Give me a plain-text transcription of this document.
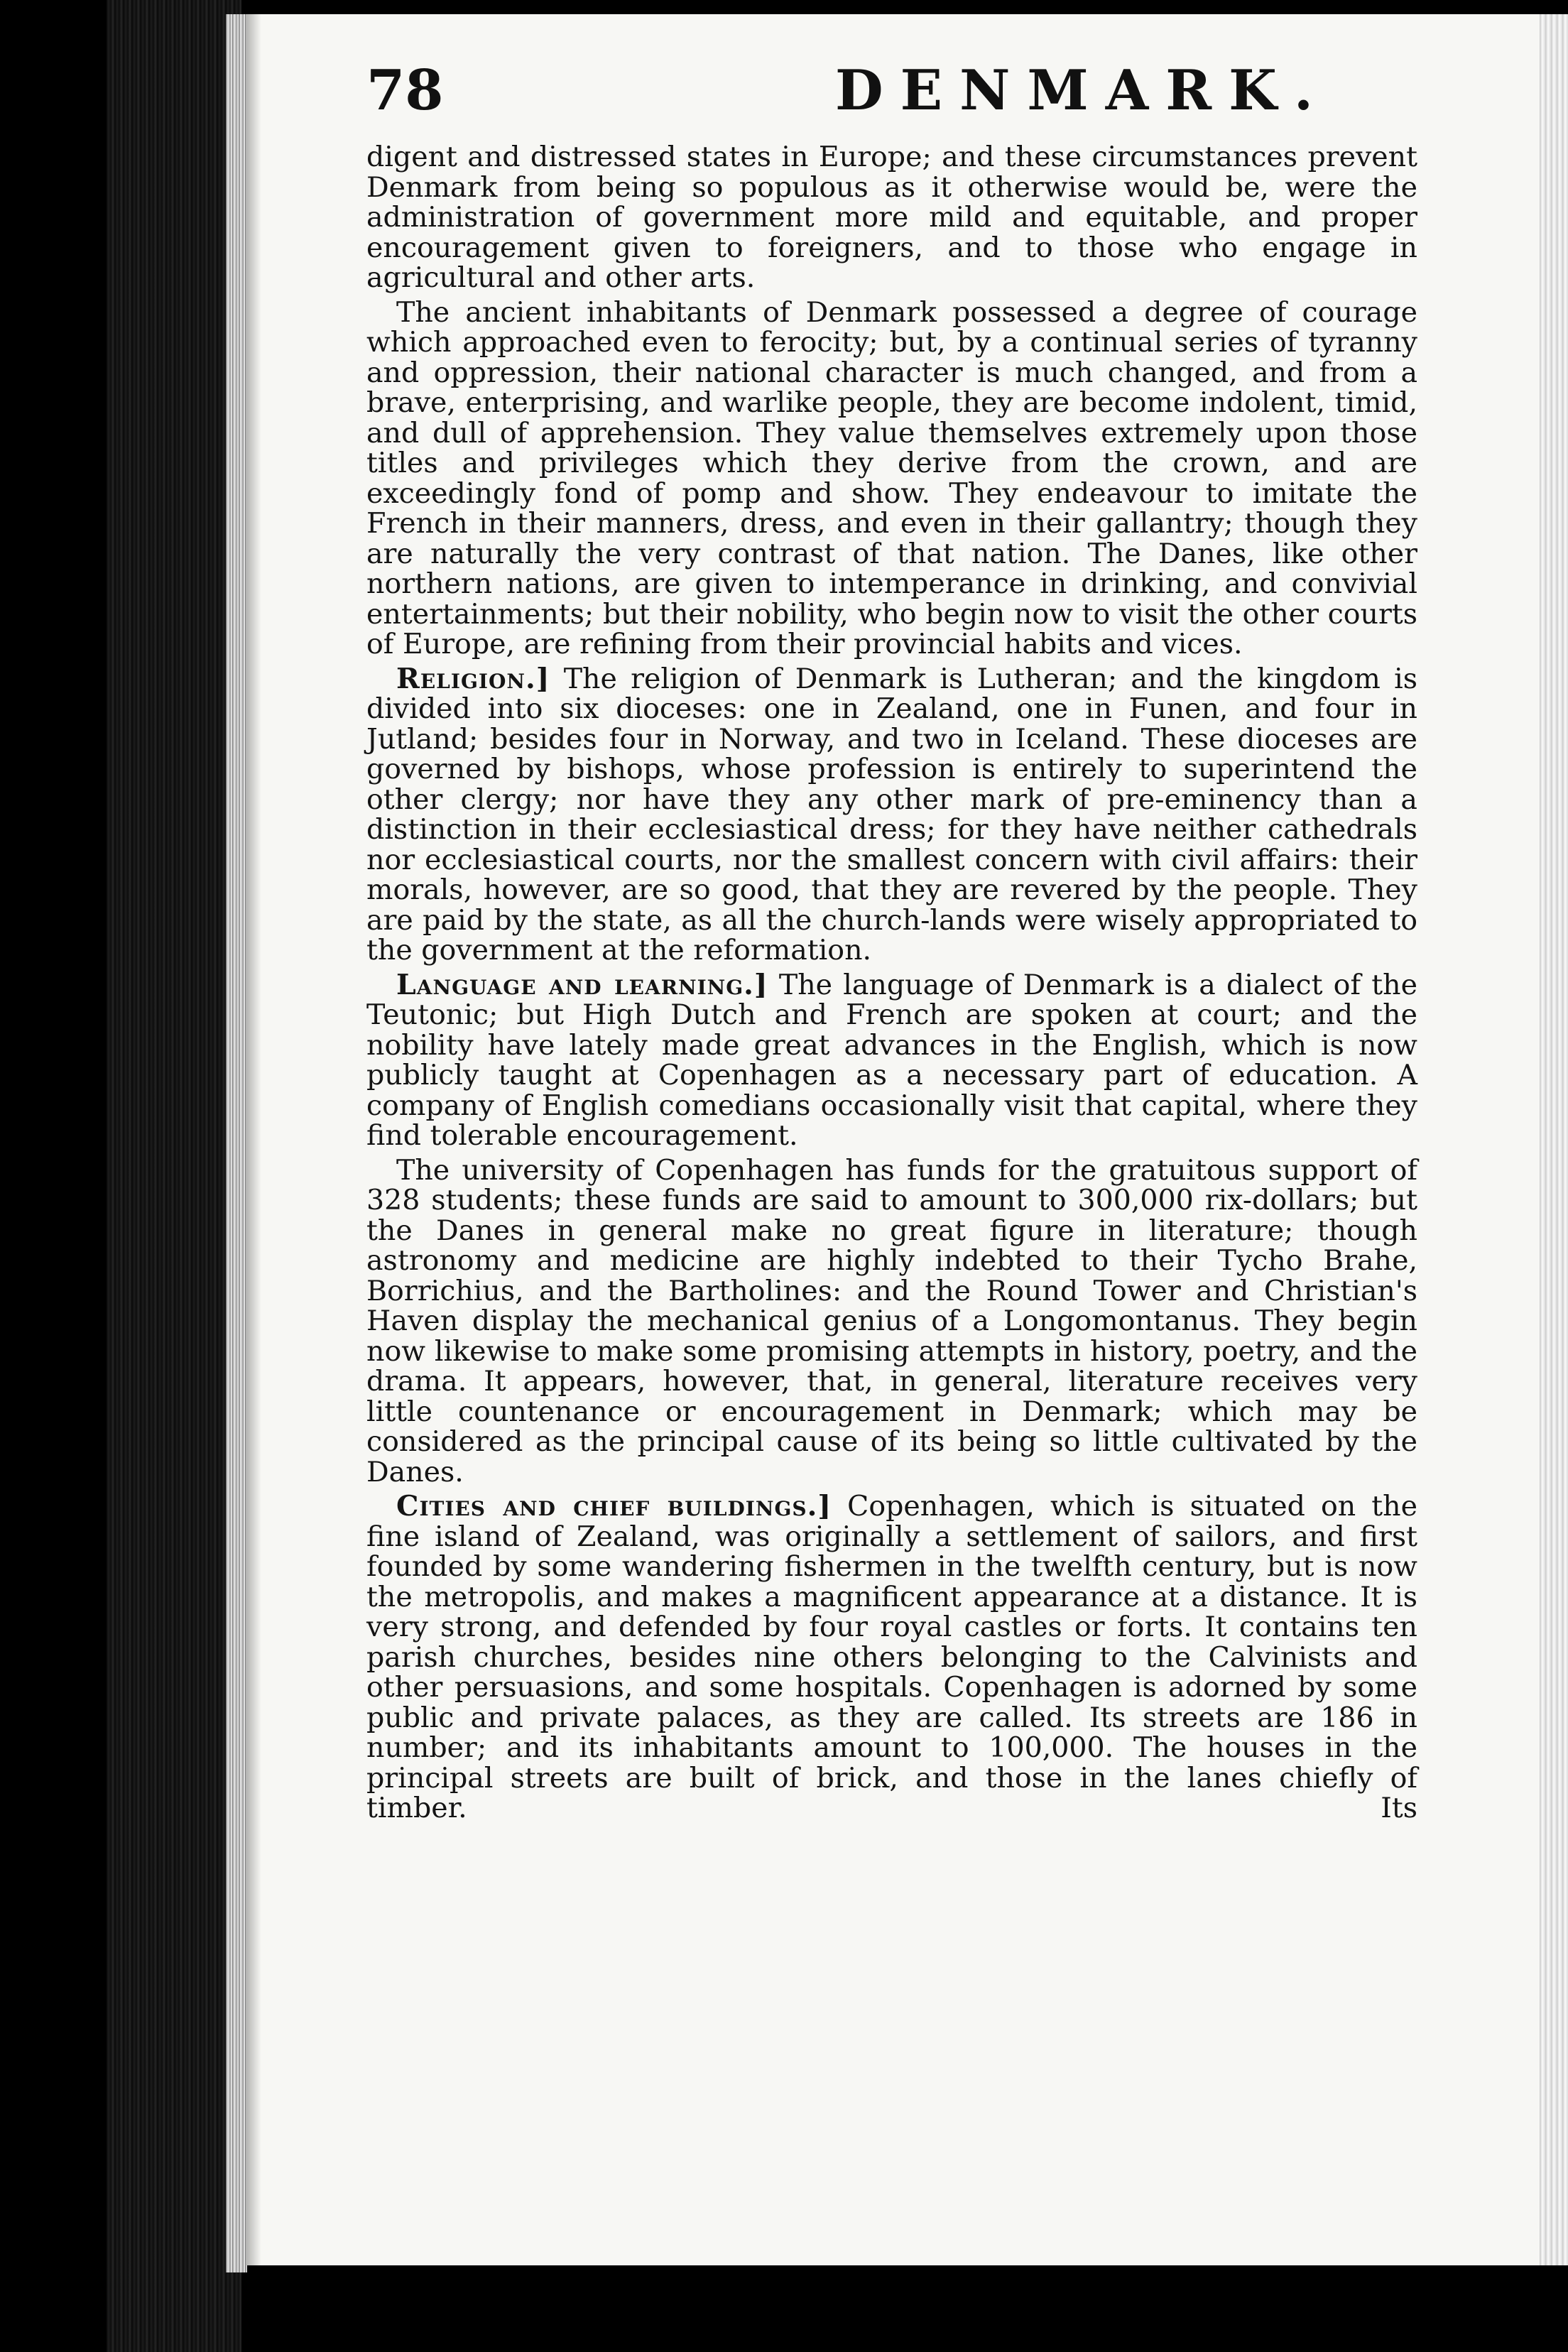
78	DENMARK.

digent and distressed states in Europe; and these circumstances prevent Denmark from being so populous as it otherwise would be, were the administration of government more mild and equitable, and proper encouragement given to foreigners, and to those who engage in agricultural and other arts.

The ancient inhabitants of Denmark possessed a degree of courage which approached even to ferocity; but, by a continual series of tyranny and oppression, their national character is much changed, and from a brave, enterprising, and warlike people, they are become indolent, timid, and dull of apprehension. They value themselves extremely upon those titles and privileges which they derive from the crown, and are exceedingly fond of pomp and show. They endeavour to imitate the French in their manners, dress, and even in their gallantry; though they are naturally the very contrast of that nation. The Danes, like other northern nations, are given to intemperance in drinking, and convivial entertainments; but their nobility, who begin now to visit the other courts of Europe, are refining from their provincial habits and vices.

Religion.] The religion of Denmark is Lutheran; and the kingdom is divided into six dioceses: one in Zealand, one in Funen, and four in Jutland; besides four in Norway, and two in Iceland. These dioceses are governed by bishops, whose profession is entirely to superintend the other clergy; nor have they any other mark of pre-eminency than a distinction in their ecclesiastical dress; for they have neither cathedrals nor ecclesiastical courts, nor the smallest concern with civil affairs: their morals, however, are so good, that they are revered by the people. They are paid by the state, as all the church-lands were wisely appropriated to the government at the reformation.

Language and learning.] The language of Denmark is a dialect of the Teutonic; but High Dutch and French are spoken at court; and the nobility have lately made great advances in the English, which is now publicly taught at Copenhagen as a necessary part of education. A company of English comedians occasionally visit that capital, where they find tolerable encouragement.

The university of Copenhagen has funds for the gratuitous support of 328 students; these funds are said to amount to 300,000 rix-dollars; but the Danes in general make no great figure in literature; though astronomy and medicine are highly indebted to their Tycho Brahe, Borrichius, and the Bartholines: and the Round Tower and Christian's Haven display the mechanical genius of a Longomontanus. They begin now likewise to make some promising attempts in history, poetry, and the drama. It appears, however, that, in general, literature receives very little countenance or encouragement in Denmark; which may be considered as the principal cause of its being so little cultivated by the Danes.

Cities and chief buildings.] Copenhagen, which is situated on the fine island of Zealand, was originally a settlement of sailors, and first founded by some wandering fishermen in the twelfth century, but is now the metropolis, and makes a magnificent appearance at a distance. It is very strong, and defended by four royal castles or forts. It contains ten parish churches, besides nine others belonging to the Calvinists and other persuasions, and some hospitals. Copenhagen is adorned by some public and private palaces, as they are called. Its streets are 186 in number; and its inhabitants amount to 100,000. The houses in the principal streets are built of brick, and those in the lanes chiefly of timber.	Its
